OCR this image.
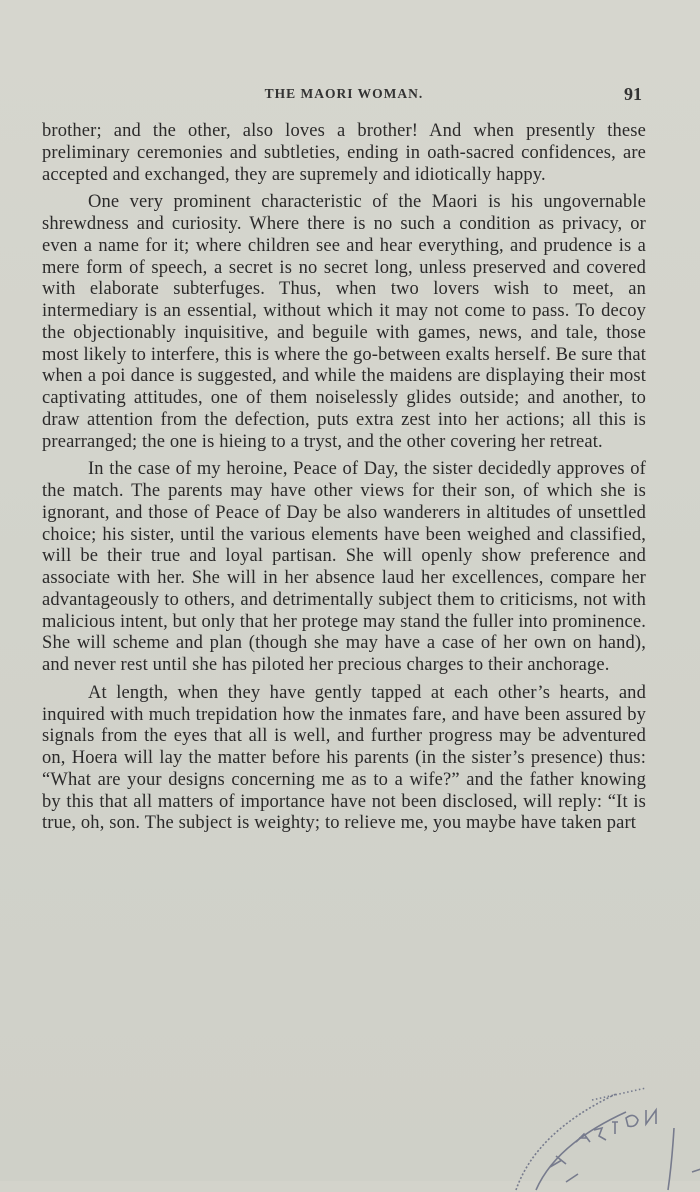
THE MAORI WOMAN.	91

brother; and the other, also loves a brother! And when presently these preliminary ceremonies and subtleties, ending in oath-sacred confidences, are accepted and exchanged, they are supremely and idiotically happy.

One very prominent characteristic of the Maori is his ungovernable shrewdness and curiosity. Where there is no such a condition as privacy, or even a name for it; where children see and hear everything, and prudence is a mere form of speech, a secret is no secret long, unless preserved and covered with elaborate subterfuges. Thus, when two lovers wish to meet, an intermediary is an essential, without which it may not come to pass. To decoy the objectionably inquisitive, and beguile with games, news, and tale, those most likely to interfere, this is where the go-between exalts herself. Be sure that when a poi dance is suggested, and while the maidens are displaying their most captivating attitudes, one of them noiselessly glides outside; and another, to draw attention from the defection, puts extra zest into her actions; all this is prearranged; the one is hieing to a tryst, and the other covering her retreat.

In the case of my heroine, Peace of Day, the sister decidedly approves of the match. The parents may have other views for their son, of which she is ignorant, and those of Peace of Day be also wanderers in altitudes of unsettled choice; his sister, until the various elements have been weighed and classified, will be their true and loyal partisan. She will openly show preference and associate with her. She will in her absence laud her excellences, compare her advantageously to others, and detrimentally subject them to criticisms, not with malicious intent, but only that her protege may stand the fuller into prominence. She will scheme and plan (though she may have a case of her own on hand), and never rest until she has piloted her precious charges to their anchorage.

At length, when they have gently tapped at each other’s hearts, and inquired with much trepidation how the inmates fare, and have been assured by signals from the eyes that all is well, and further progress may be adventured on, Hoera will lay the matter before his parents (in the sister’s presence) thus: “What are your designs concerning me as to a wife?” and the father knowing by this that all matters of importance have not been disclosed, will reply: “It is true, oh, son. The subject is weighty; to relieve me, you maybe have taken part
